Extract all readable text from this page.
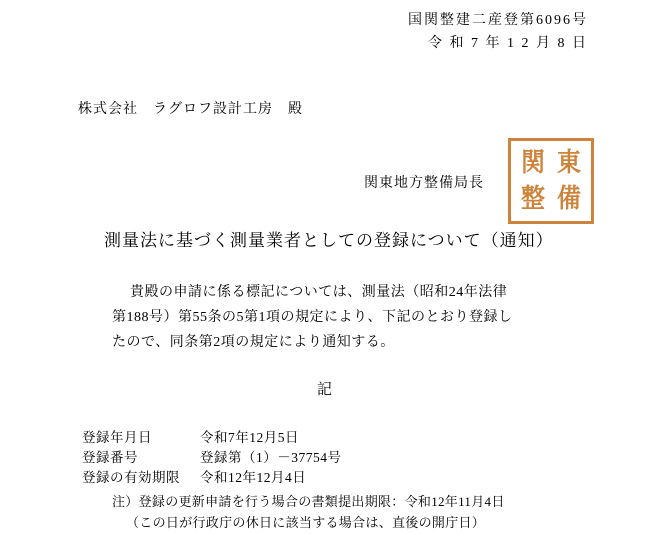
国関整建二産登第6096号
令 和 7 年 1 2 月 8 日
株式会社　ラグロフ設計工房　殿
関東地方整備局長
関 東
整 備
測量法に基づく測量業者としての登録について（通知）
貴殿の申請に係る標記については、測量法（昭和24年法律
第188号）第55条の5第1項の規定により、下記のとおり登録し
たので、同条第2項の規定により通知する。
記
登録年月日	令和7年12月5日
登録番号	登録第（1）－37754号
登録の有効期限	令和12年12月4日
注）登録の更新申請を行う場合の書類提出期限：令和12年11月4日
（この日が行政庁の休日に該当する場合は、直後の開庁日）
